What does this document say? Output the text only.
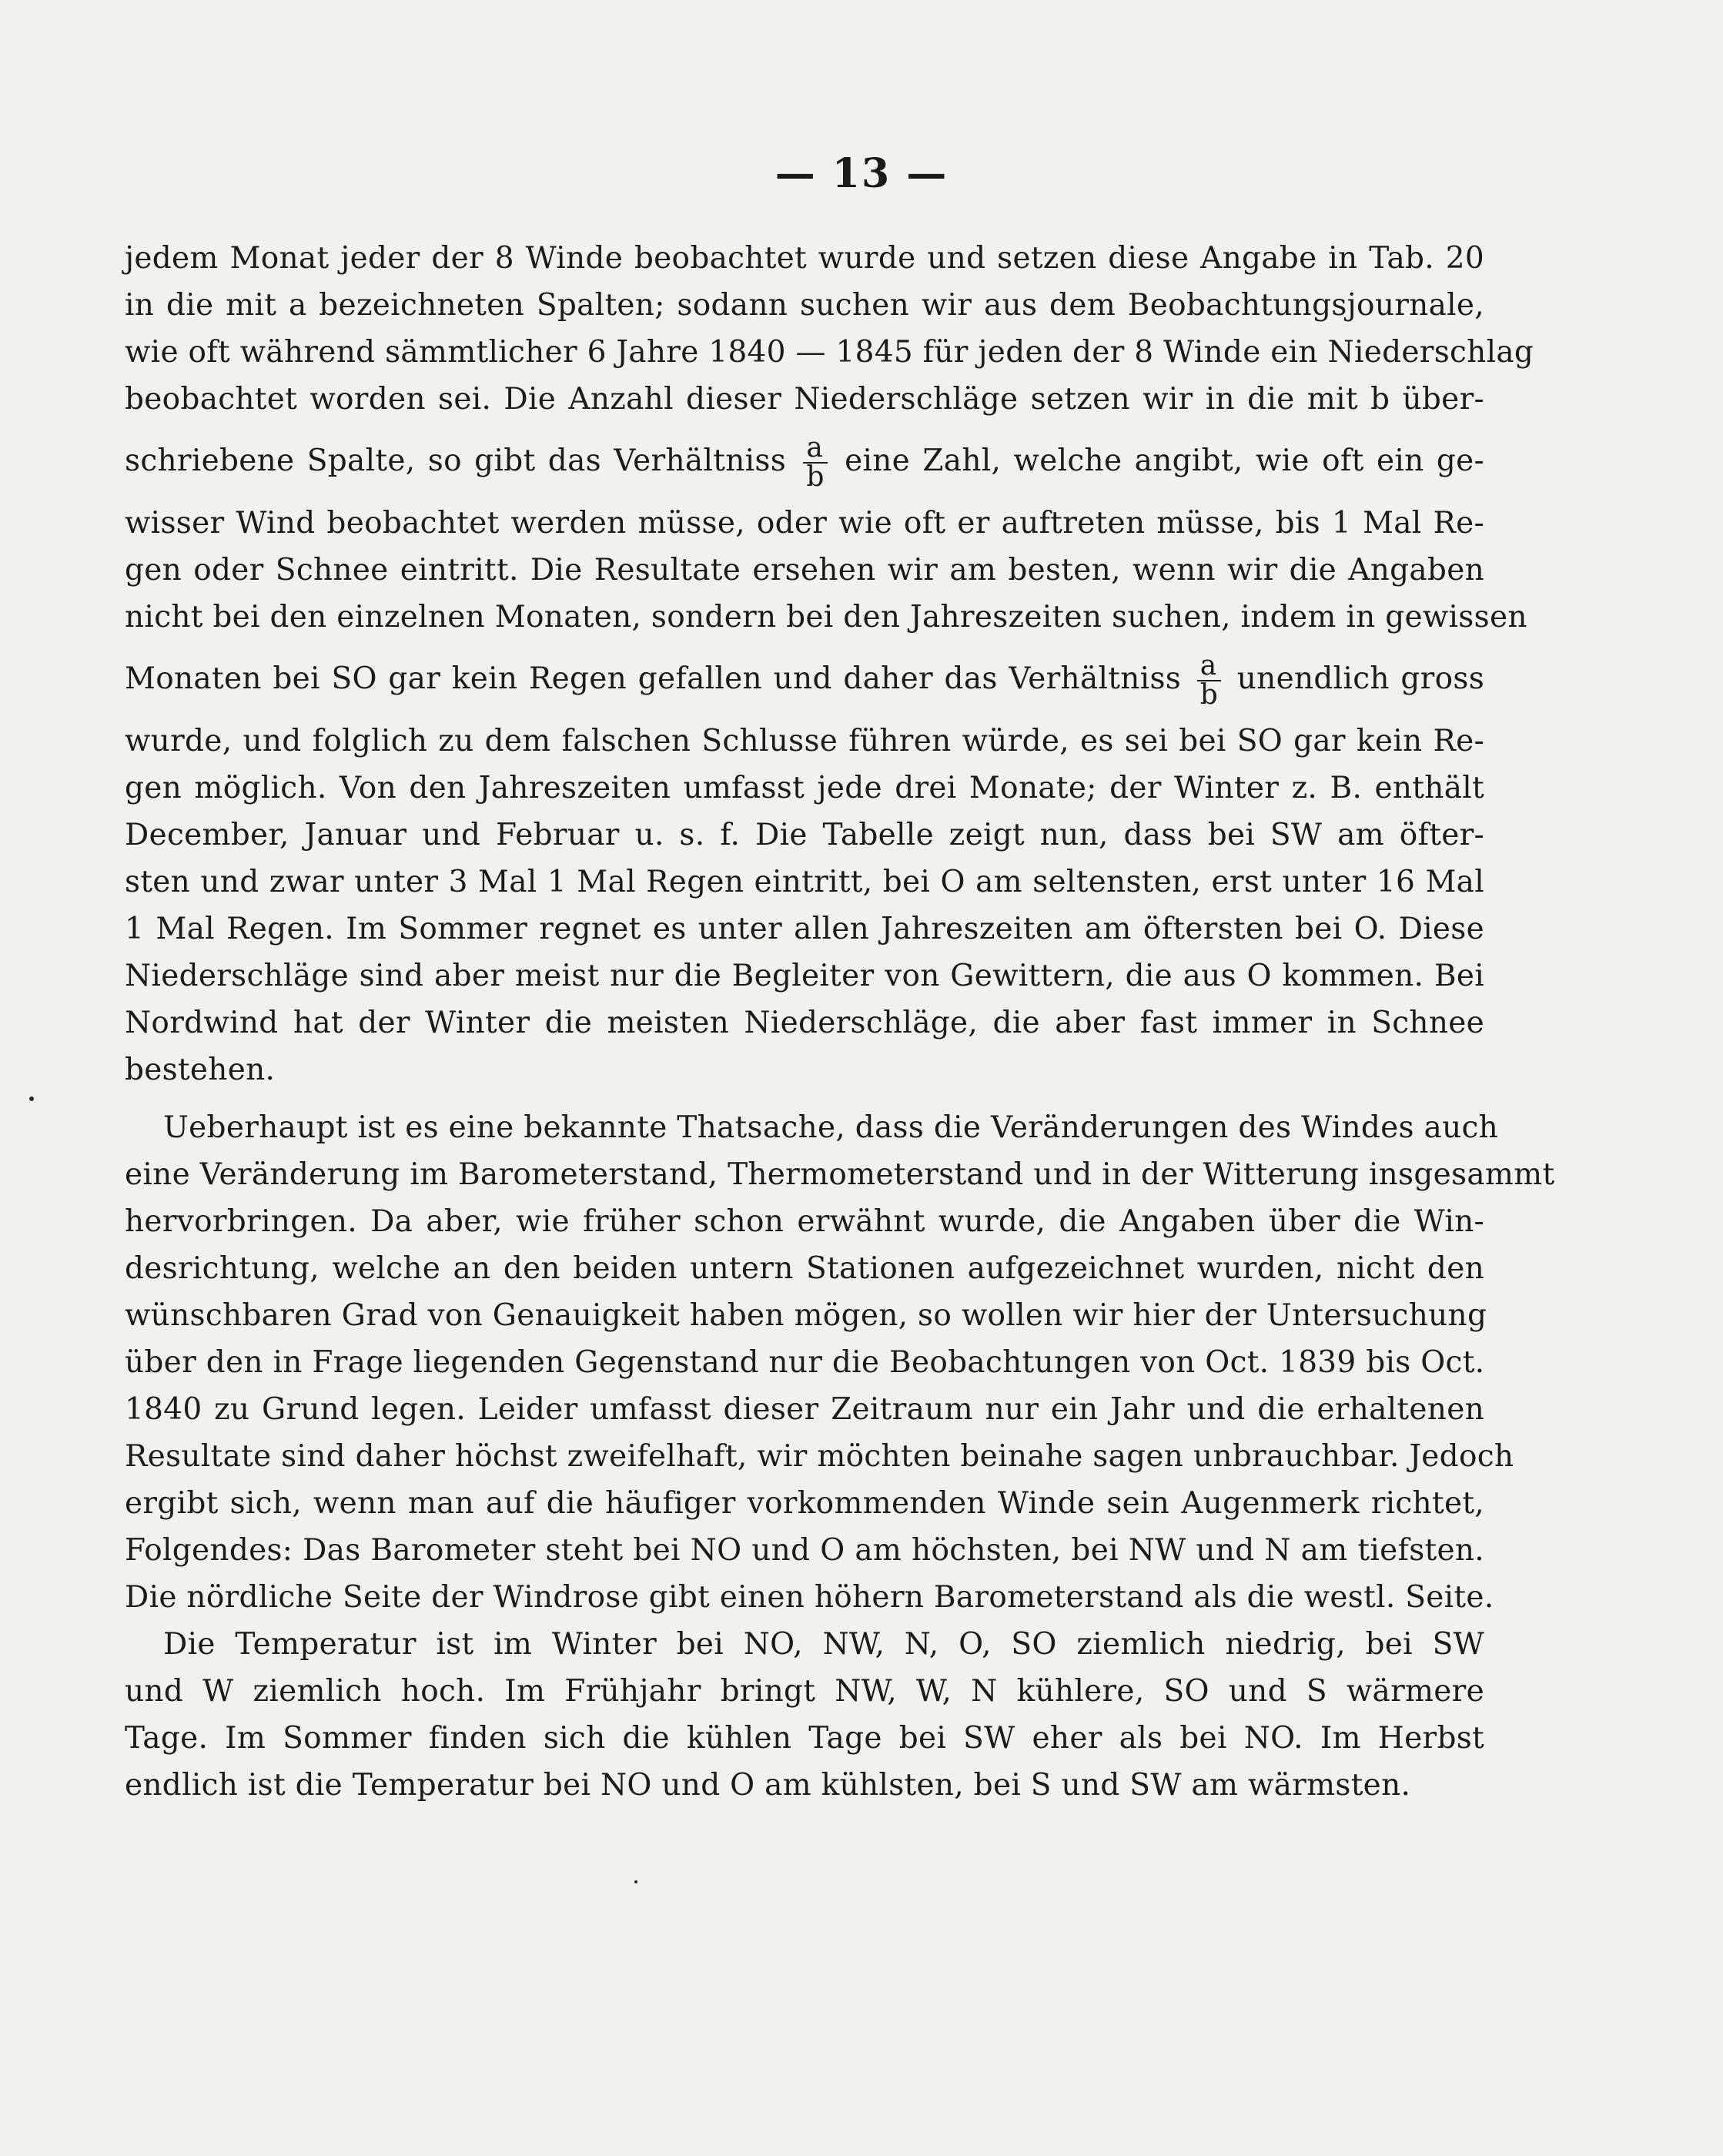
— 13 —
jedem Monat jeder der 8 Winde beobachtet wurde und setzen diese Angabe in Tab. 20
in die mit a bezeichneten Spalten; sodann suchen wir aus dem Beobachtungsjournale,
wie oft während sämmtlicher 6 Jahre 1840 — 1845 für jeden der 8 Winde ein Niederschlag
beobachtet worden sei. Die Anzahl dieser Niederschläge setzen wir in die mit b über-
schriebene Spalte, so gibt das Verhältniss $\frac{a}{b}$ eine Zahl, welche angibt, wie oft ein ge-
wisser Wind beobachtet werden müsse, oder wie oft er auftreten müsse, bis 1 Mal Re-
gen oder Schnee eintritt. Die Resultate ersehen wir am besten, wenn wir die Angaben
nicht bei den einzelnen Monaten, sondern bei den Jahreszeiten suchen, indem in gewissen
Monaten bei SO gar kein Regen gefallen und daher das Verhältniss $\frac{a}{b}$ unendlich gross
wurde, und folglich zu dem falschen Schlusse führen würde, es sei bei SO gar kein Re-
gen möglich. Von den Jahreszeiten umfasst jede drei Monate; der Winter z. B. enthält
December, Januar und Februar u. s. f. Die Tabelle zeigt nun, dass bei SW am öfter-
sten und zwar unter 3 Mal 1 Mal Regen eintritt, bei O am seltensten, erst unter 16 Mal
1 Mal Regen. Im Sommer regnet es unter allen Jahreszeiten am öftersten bei O. Diese
Niederschläge sind aber meist nur die Begleiter von Gewittern, die aus O kommen. Bei
Nordwind hat der Winter die meisten Niederschläge, die aber fast immer in Schnee
bestehen.
Ueberhaupt ist es eine bekannte Thatsache, dass die Veränderungen des Windes auch
eine Veränderung im Barometerstand, Thermometerstand und in der Witterung insgesammt
hervorbringen. Da aber, wie früher schon erwähnt wurde, die Angaben über die Win-
desrichtung, welche an den beiden untern Stationen aufgezeichnet wurden, nicht den
wünschbaren Grad von Genauigkeit haben mögen, so wollen wir hier der Untersuchung
über den in Frage liegenden Gegenstand nur die Beobachtungen von Oct. 1839 bis Oct.
1840 zu Grund legen. Leider umfasst dieser Zeitraum nur ein Jahr und die erhaltenen
Resultate sind daher höchst zweifelhaft, wir möchten beinahe sagen unbrauchbar. Jedoch
ergibt sich, wenn man auf die häufiger vorkommenden Winde sein Augenmerk richtet,
Folgendes: Das Barometer steht bei NO und O am höchsten, bei NW und N am tiefsten.
Die nördliche Seite der Windrose gibt einen höhern Barometerstand als die westl. Seite.
Die Temperatur ist im Winter bei NO, NW, N, O, SO ziemlich niedrig, bei SW
und W ziemlich hoch. Im Frühjahr bringt NW, W, N kühlere, SO und S wärmere
Tage. Im Sommer finden sich die kühlen Tage bei SW eher als bei NO. Im Herbst
endlich ist die Temperatur bei NO und O am kühlsten, bei S und SW am wärmsten.
